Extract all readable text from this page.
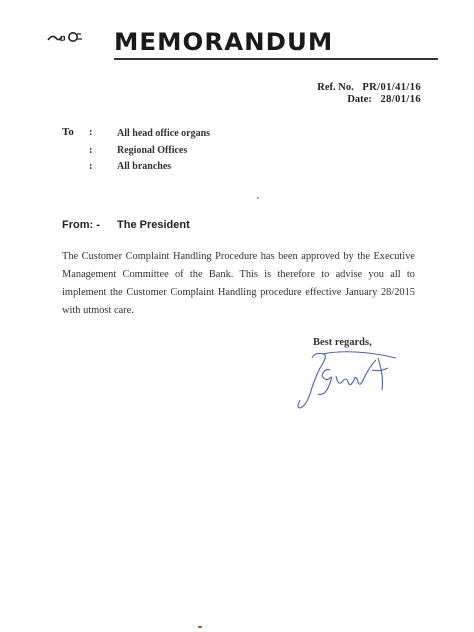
ዐ MEMORANDUM
Ref. No. PR/01/41/16
Date: 28/01/16
To : All head office organs
: Regional Offices
: All branches
From: - The President
The Customer Complaint Handling Procedure has been approved by the Executive Management Committee of the Bank. This is therefore to advise you all to implement the Customer Complaint Handling procedure effective January 28/2015 with utmost care.
Best regards,
